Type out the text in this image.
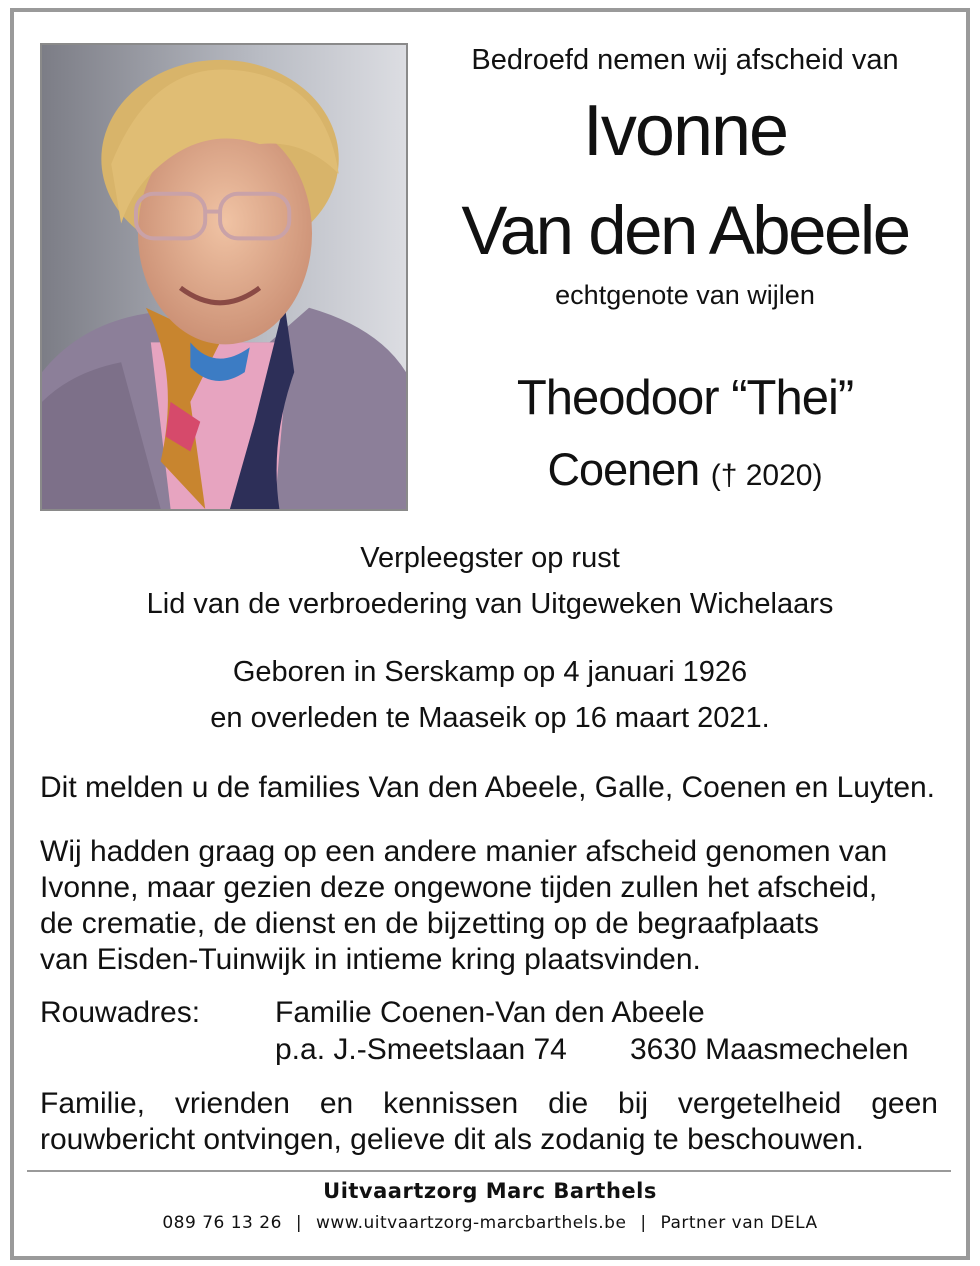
Bedroefd nemen wij afscheid van
Ivonne
Van den Abeele
echtgenote van wijlen
Theodoor “Thei”
Coenen († 2020)
Verpleegster op rust
Lid van de verbroedering van Uitgeweken Wichelaars
Geboren in Serskamp op 4 januari 1926
en overleden te Maaseik op 16 maart 2021.
Dit melden u de families Van den Abeele, Galle, Coenen en Luyten.
Wij hadden graag op een andere manier afscheid genomen van
Ivonne, maar gezien deze ongewone tijden zullen het afscheid,
de crematie, de dienst en de bijzetting op de begraafplaats
van Eisden-Tuinwijk in intieme kring plaatsvinden.
Rouwadres: Familie Coenen-Van den Abeele
p.a. J.-Smeetslaan 74 3630 Maasmechelen
Familie, vrienden en kennissen die bij vergetelheid geen
rouwbericht ontvingen, gelieve dit als zodanig te beschouwen.
Uitvaartzorg Marc Barthels
089 76 13 26 | www.uitvaartzorg-marcbarthels.be | Partner van DELA
